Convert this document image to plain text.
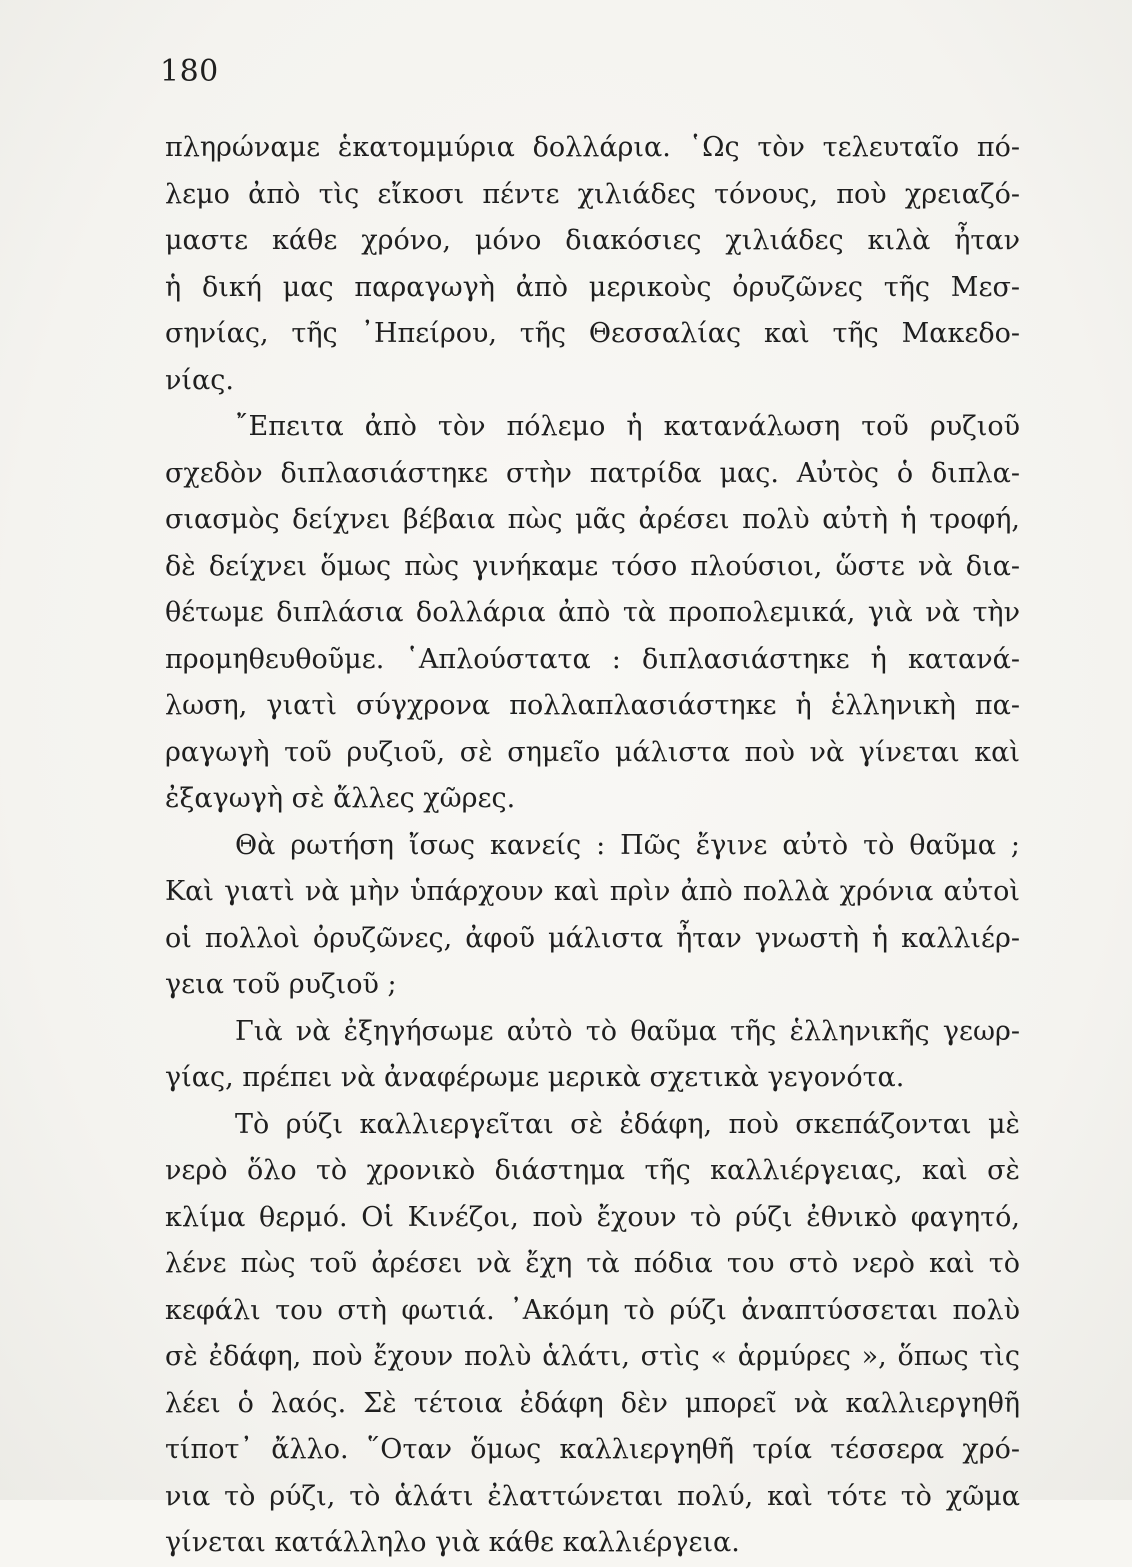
180
πληρώναμε ἑκατομμύρια δολλάρια. ῾Ως τὸν τελευταῖο πό-
λεμο ἀπὸ τὶς εἴκοσι πέντε χιλιάδες τόνους, ποὺ χρειαζό-
μαστε κάθε χρόνο, μόνο διακόσιες χιλιάδες κιλὰ ἦταν
ἡ δική μας παραγωγὴ ἀπὸ μερικοὺς ὀρυζῶνες τῆς Μεσ-
σηνίας, τῆς ᾿Ηπείρου, τῆς Θεσσαλίας καὶ τῆς Μακεδο-
νίας.
῎Επειτα ἀπὸ τὸν πόλεμο ἡ κατανάλωση τοῦ ρυζιοῦ
σχεδὸν διπλασιάστηκε στὴν πατρίδα μας. Αὐτὸς ὁ διπλα-
σιασμὸς δείχνει βέβαια πὼς μᾶς ἀρέσει πολὺ αὐτὴ ἡ τροφή,
δὲ δείχνει ὅμως πὼς γινήκαμε τόσο πλούσιοι, ὥστε νὰ δια-
θέτωμε διπλάσια δολλάρια ἀπὸ τὰ προπολεμικά, γιὰ νὰ τὴν
προμηθευθοῦμε. ῾Απλούστατα : διπλασιάστηκε ἡ κατανά-
λωση, γιατὶ σύγχρονα πολλαπλασιάστηκε ἡ ἑλληνικὴ πα-
ραγωγὴ τοῦ ρυζιοῦ, σὲ σημεῖο μάλιστα ποὺ νὰ γίνεται καὶ
ἐξαγωγὴ σὲ ἄλλες χῶρες.
Θὰ ρωτήση ἴσως κανείς : Πῶς ἔγινε αὐτὸ τὸ θαῦμα ;
Καὶ γιατὶ νὰ μὴν ὑπάρχουν καὶ πρὶν ἀπὸ πολλὰ χρόνια αὐτοὶ
οἱ πολλοὶ ὀρυζῶνες, ἀφοῦ μάλιστα ἦταν γνωστὴ ἡ καλλιέρ-
γεια τοῦ ρυζιοῦ ;
Γιὰ νὰ ἐξηγήσωμε αὐτὸ τὸ θαῦμα τῆς ἑλληνικῆς γεωρ-
γίας, πρέπει νὰ ἀναφέρωμε μερικὰ σχετικὰ γεγονότα.
Τὸ ρύζι καλλιεργεῖται σὲ ἐδάφη, ποὺ σκεπάζονται μὲ
νερὸ ὅλο τὸ χρονικὸ διάστημα τῆς καλλιέργειας, καὶ σὲ
κλίμα θερμό. Οἱ Κινέζοι, ποὺ ἔχουν τὸ ρύζι ἐθνικὸ φαγητό,
λένε πὼς τοῦ ἀρέσει νὰ ἔχη τὰ πόδια του στὸ νερὸ καὶ τὸ
κεφάλι του στὴ φωτιά. ᾿Ακόμη τὸ ρύζι ἀναπτύσσεται πολὺ
σὲ ἐδάφη, ποὺ ἔχουν πολὺ ἁλάτι, στὶς « ἁρμύρες », ὅπως τὶς
λέει ὁ λαός. Σὲ τέτοια ἐδάφη δὲν μπορεῖ νὰ καλλιεργηθῆ
τίποτ᾿ ἄλλο. ῞Οταν ὅμως καλλιεργηθῆ τρία τέσσερα χρό-
νια τὸ ρύζι, τὸ ἁλάτι ἐλαττώνεται πολύ, καὶ τότε τὸ χῶμα
γίνεται κατάλληλο γιὰ κάθε καλλιέργεια.
